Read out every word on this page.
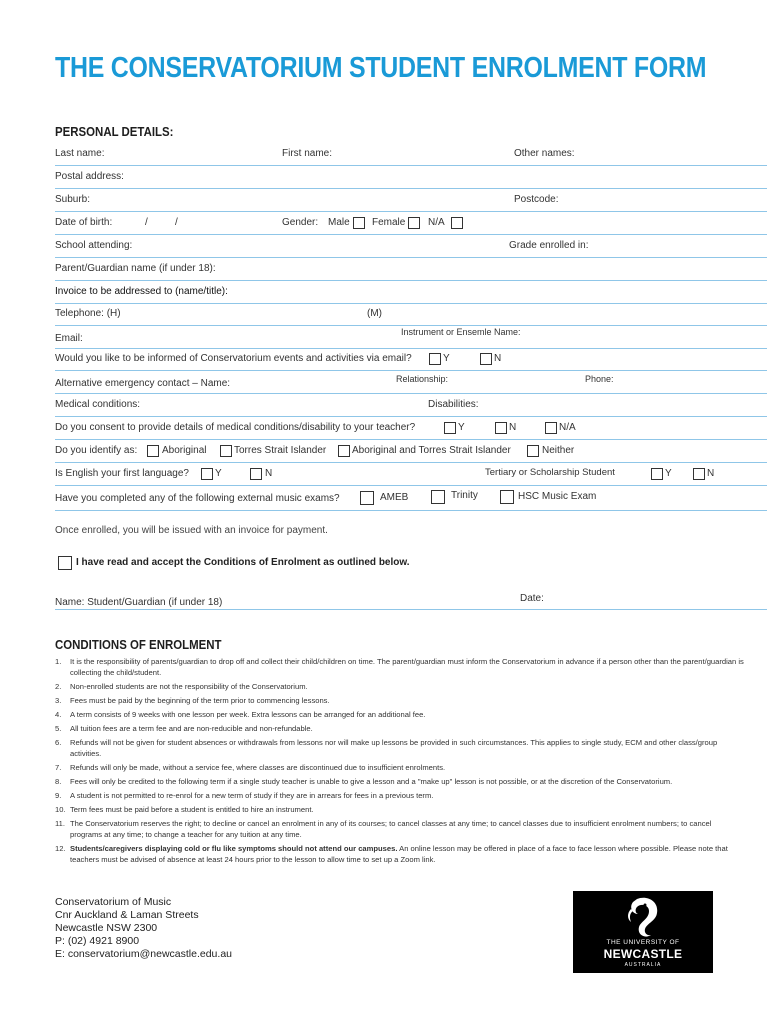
THE CONSERVATORIUM STUDENT ENROLMENT FORM
PERSONAL DETAILS:
Last name:	First name:	Other names:
Postal address:
Suburb:	Postcode:
Date of birth:	/	/	Gender: Male Female N/A
School attending:	Grade enrolled in:
Parent/Guardian name (if under 18):
Invoice to be addressed to (name/title):
Telephone: (H)	(M)
Email:
Instrument or Ensemle Name:
Would you like to be informed of Conservatorium events and activities via email?	Y	N
Alternative emergency contact – Name:	Relationship:	Phone:
Medical conditions:	Disabilities:
Do you consent to provide details of medical conditions/disability to your teacher?	Y	N	N/A
Do you identify as: Aboriginal	Torres Strait Islander	Aboriginal and Torres Strait Islander	Neither
Is English your first language?	Y	N	Tertiary or Scholarship Student	Y	N
Have you completed any of the following external music exams?	AMEB	Trinity	HSC Music Exam
Once enrolled, you will be issued with an invoice for payment.
I have read and accept the Conditions of Enrolment as outlined below.
Name: Student/Guardian (if under 18)	Date:
CONDITIONS OF ENROLMENT
1. It is the responsibility of parents/guardian to drop off and collect their child/children on time. The parent/guardian must inform the Conservatorium in advance if a person other than the parent/guardian is collecting the child/student.
2. Non-enrolled students are not the responsibility of the Conservatorium.
3. Fees must be paid by the beginning of the term prior to commencing lessons.
4. A term consists of 9 weeks with one lesson per week. Extra lessons can be arranged for an additional fee.
5. All tuition fees are a term fee and are non-reducible and non-refundable.
6. Refunds will not be given for student absences or withdrawals from lessons nor will make up lessons be provided in such circumstances. This applies to single study, ECM and other class/group activities.
7. Refunds will only be made, without a service fee, where classes are discontinued due to insufficient enrolments.
8. Fees will only be credited to the following term if a single study teacher is unable to give a lesson and a "make up" lesson is not possible, or at the discretion of the Conservatorium.
9. A student is not permitted to re-enrol for a new term of study if they are in arrears for fees in a previous term.
10. Term fees must be paid before a student is entitled to hire an instrument.
11. The Conservatorium reserves the right; to decline or cancel an enrolment in any of its courses; to cancel classes at any time; to cancel classes due to insufficient enrolment numbers; to cancel programs at any time; to change a teacher for any tuition at any time.
12. Students/caregivers displaying cold or flu like symptoms should not attend our campuses. An online lesson may be offered in place of a face to face lesson where possible. Please note that teachers must be advised of absence at least 24 hours prior to the lesson to allow time to set up a Zoom link.
Conservatorium of Music
Cnr Auckland & Laman Streets
Newcastle NSW 2300
P: (02) 4921 8900
E: conservatorium@newcastle.edu.au
THE UNIVERSITY OF
NEWCASTLE
AUSTRALIA
